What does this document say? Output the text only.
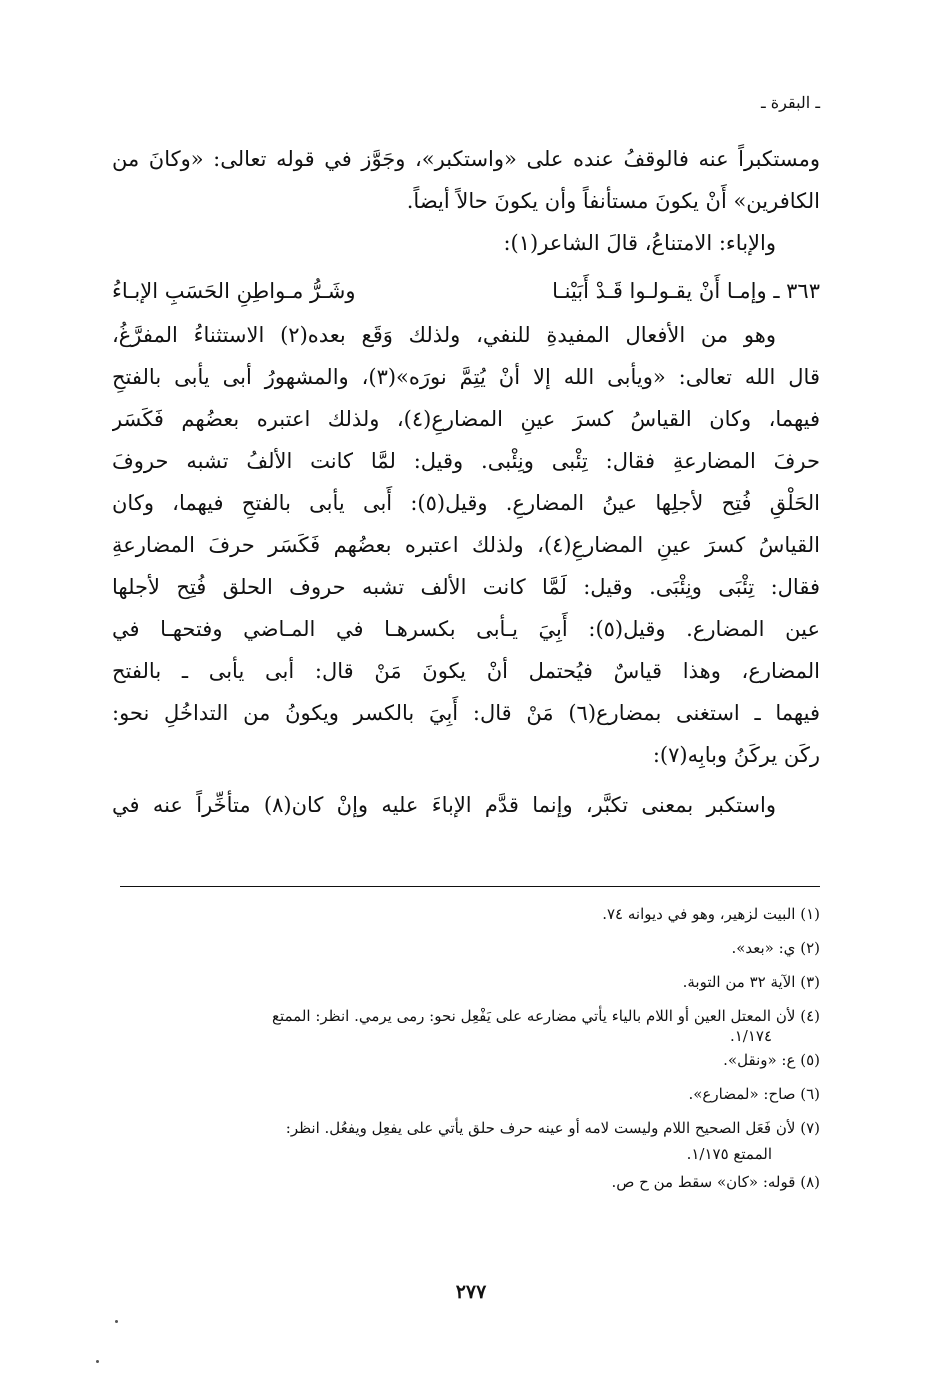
ـ البقرة ـ
ومستكبراً عنه فالوقفُ عنده على «واستكبر»، وجَوَّز في قوله تعالى: «وكانَ من
الكافرين» أَنْ يكونَ مستأنفاً وأن يكونَ حالاً أيضاً.
والإباء: الامتناعُ، قالَ الشاعر(١):
٣٦٣ ـ وإمـا أَنْ يقـولـوا قَـدْ أَبَيْنـا
وشَـرُّ مـواطِنِ الحَسَبِ الإبـاءُ
وهو من الأفعال المفيدةِ للنفي، ولذلك وَقَع بعده(٢) الاستثناءُ المفرَّغُ،
قال الله تعالى: «ويأبى الله إلا أنْ يُتِمَّ نورَه»(٣)، والمشهورُ أبى يأبى بالفتحِ
فيهما، وكان القياسُ كسرَ عينِ المضارعِ(٤)، ولذلك اعتبره بعضُهم فَكَسَر
حرفَ المضارعةِ فقال: تِئْبى ونِئْبى. وقيل: لمَّا كانت الألفُ تشبه حروفَ
الحَلْقِ فُتِح لأجلِها عينُ المضارعِ. وقيل(٥): أَبى يأبى بالفتحِ فيهما، وكان
القياسُ كسرَ عينِ المضارعِ(٤)، ولذلك اعتبره بعضُهم فَكَسَر حرفَ المضارعةِ
فقال: تِئْبَى ونِئْبَى. وقيل: لَمَّا كانت الألف تشبه حروف الحلق فُتِح لأجلها
عين المضارع. وقيل(٥): أَبِيَ يـأبى بكسرهـا في المـاضي وفتحهـا في
المضارع، وهذا قياسٌ فيُحتمل أنْ يكونَ مَنْ قال: أبى يأبى ـ بالفتح
فيهما ـ استغنى بمضارع(٦) مَنْ قال: أَبِيَ بالكسر ويكونُ من التداخُلِ نحو:
ركَن يركَنُ وبابِه(٧):
واستكبر بمعنى تكبَّر، وإنما قدَّم الإباءَ عليه وإنْ كان(٨) متأخِّراً عنه في
(١) البيت لزهير، وهو في ديوانه ٧٤.
(٢) ي: «بعد».
(٣) الآية ٣٢ من التوبة.
(٤) لأن المعتل العين أو اللام بالياء يأتي مضارعه على يَفْعِل نحو: رمى يرمي. انظر: الممتع
١/١٧٤.
(٥) ع: «ونقل».
(٦) صاح: «لمضارع».
(٧) لأن فَعَل الصحيح اللام وليست لامه أو عينه حرف حلق يأتي على يفعِل ويفعُل. انظر:
الممتع ١/١٧٥.
(٨) قوله: «كان» سقط من ح ص.
٢٧٧
